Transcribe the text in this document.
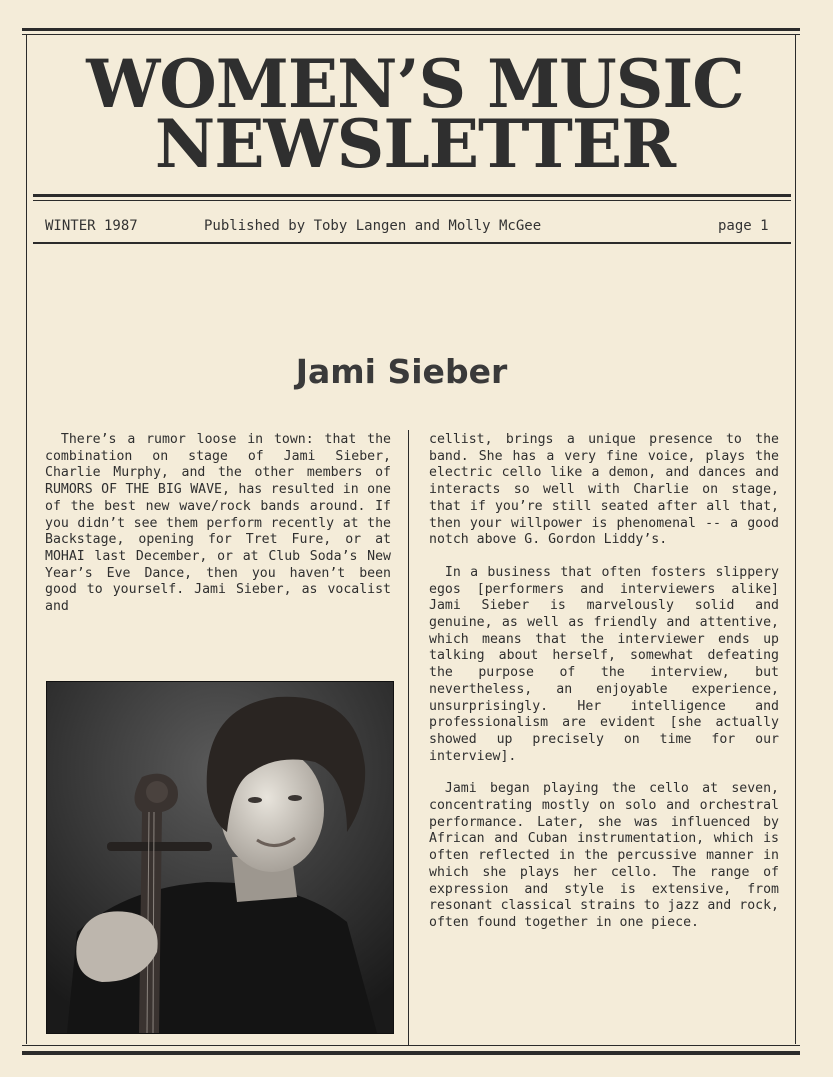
WOMEN’S MUSIC
NEWSLETTER
WINTER 1987	Published by Toby Langen and Molly McGee	page 1
Jami Sieber

There’s a rumor loose in town: that the combination on stage of Jami Sieber, Charlie Murphy, and the other members of RUMORS OF THE BIG WAVE, has resulted in one of the best new wave/rock bands around. If you didn’t see them perform recently at the Backstage, opening for Tret Fure, or at MOHAI last December, or at Club Soda’s New Year’s Eve Dance, then you haven’t been good to yourself. Jami Sieber, as vocalist and

cellist, brings a unique presence to the band. She has a very fine voice, plays the electric cello like a demon, and dances and interacts so well with Charlie on stage, that if you’re still seated after all that, then your willpower is phenomenal -- a good notch above G. Gordon Liddy’s.

In a business that often fosters slippery egos [performers and interviewers alike] Jami Sieber is marvelously solid and genuine, as well as friendly and attentive, which means that the interviewer ends up talking about herself, somewhat defeating the purpose of the interview, but nevertheless, an enjoyable experience, unsurprisingly. Her intelligence and professionalism are evident [she actually showed up precisely on time for our interview].

Jami began playing the cello at seven, concentrating mostly on solo and orchestral performance. Later, she was influenced by African and Cuban instrumentation, which is often reflected in the percussive manner in which she plays her cello. The range of expression and style is extensive, from resonant classical strains to jazz and rock, often found together in one piece.
